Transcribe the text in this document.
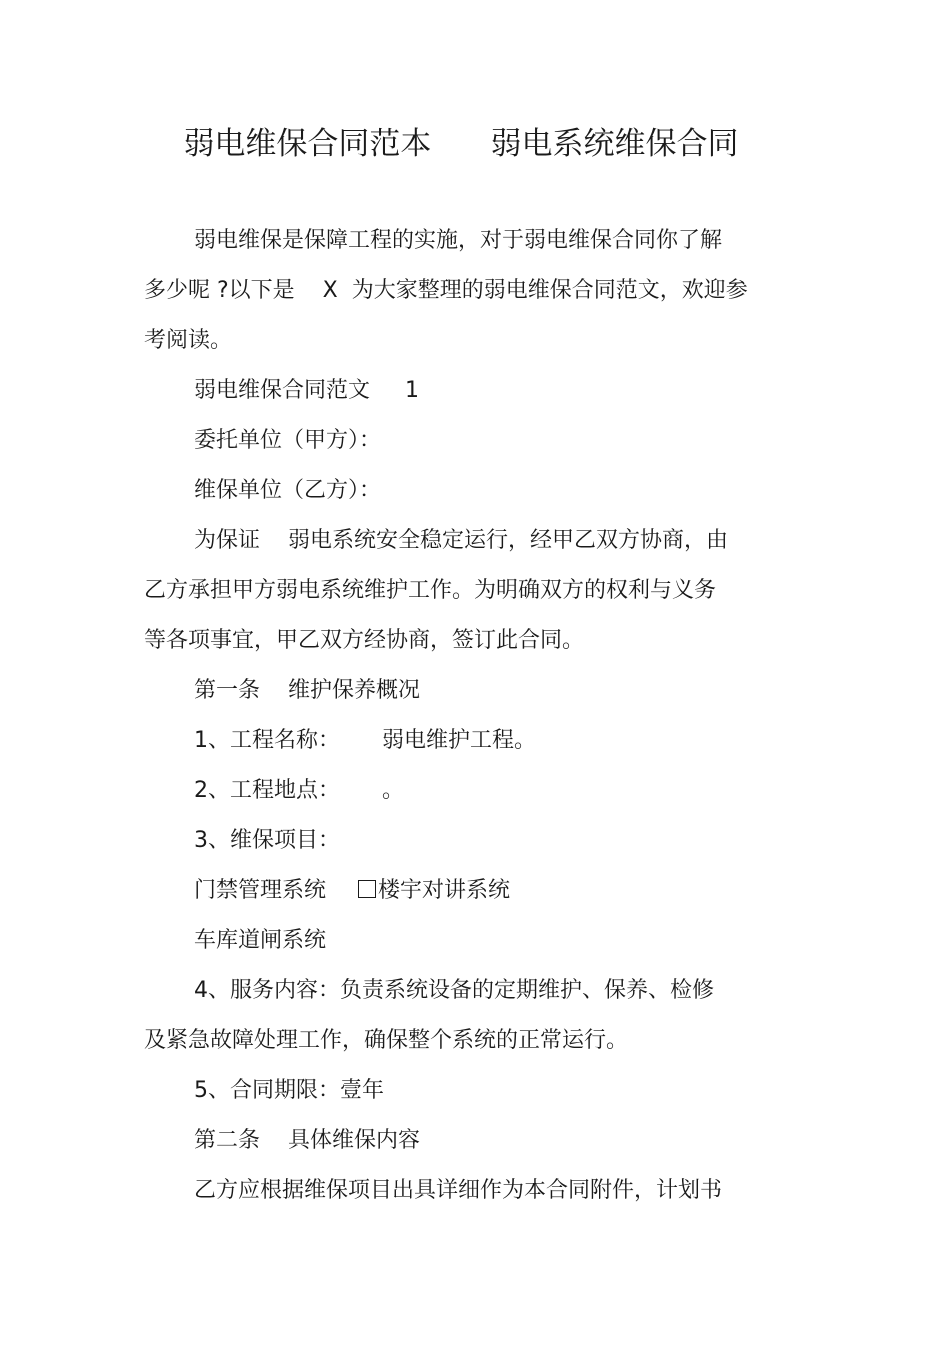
弱电维保合同范本      弱电系统维保合同
弱电维保是保障工程的实施，对于弱电维保合同你了解
多少呢 ?以下是    X  为大家整理的弱电维保合同范文，欢迎参
考阅读。
弱电维保合同范文     1
委托单位（甲方）：
维保单位（乙方）：
为保证    弱电系统安全稳定运行，经甲乙双方协商，由
乙方承担甲方弱电系统维护工作。为明确双方的权利与义务
等各项事宜，甲乙双方经协商，签订此合同。
第一条    维护保养概况
1、工程名称：      弱电维护工程。
2、工程地点：      。
3、维保项目：
门禁管理系统 楼宇对讲系统
车库道闸系统
4、服务内容：负责系统设备的定期维护、保养、检修
及紧急故障处理工作，确保整个系统的正常运行。
5、合同期限：壹年
第二条    具体维保内容
乙方应根据维保项目出具详细作为本合同附件，计划书
